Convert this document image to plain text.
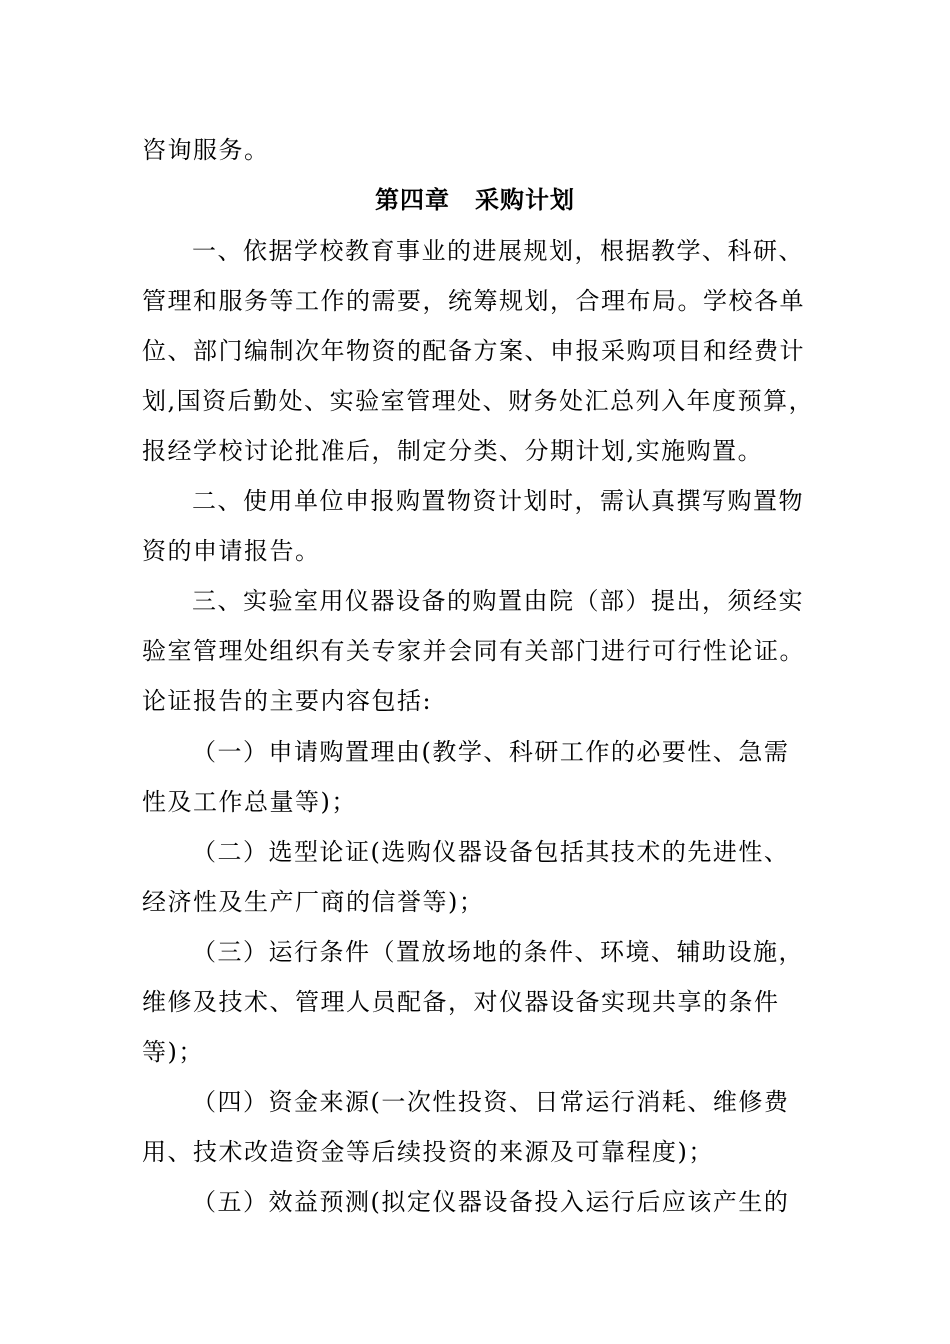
咨询服务。
第四章　采购计划
一、依据学校教育事业的进展规划，根据教学、科研、
管理和服务等工作的需要，统筹规划，合理布局。学校各单
位、部门编制次年物资的配备方案、申报采购项目和经费计
划,国资后勤处、实验室管理处、财务处汇总列入年度预算，
报经学校讨论批准后，制定分类、分期计划,实施购置。
二、使用单位申报购置物资计划时，需认真撰写购置物
资的申请报告。
三、实验室用仪器设备的购置由院（部）提出，须经实
验室管理处组织有关专家并会同有关部门进行可行性论证。
论证报告的主要内容包括:
（一）申请购置理由(教学、科研工作的必要性、急需
性及工作总量等)；
（二）选型论证(选购仪器设备包括其技术的先进性、
经济性及生产厂商的信誉等)；
（三）运行条件（置放场地的条件、环境、辅助设施，
维修及技术、管理人员配备，对仪器设备实现共享的条件
等)；
（四）资金来源(一次性投资、日常运行消耗、维修费
用、技术改造资金等后续投资的来源及可靠程度)；
（五）效益预测(拟定仪器设备投入运行后应该产生的
